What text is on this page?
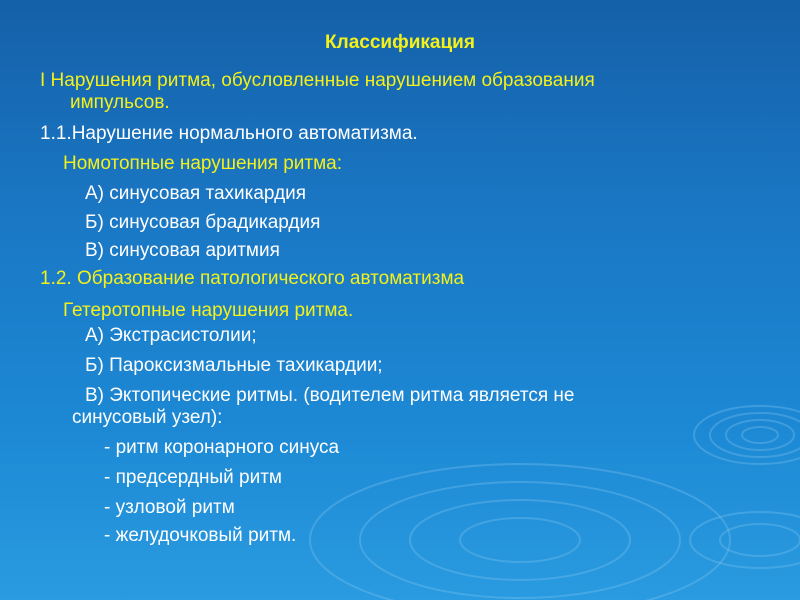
Классификация
I Нарушения ритма, обусловленные нарушением образования
импульсов.
1.1.Нарушение нормального автоматизма.
Номотопные нарушения ритма:
А) синусовая тахикардия
Б) синусовая брадикардия
В) синусовая аритмия
1.2. Образование патологического автоматизма
Гетеротопные нарушения ритма.
А) Экстрасистолии;
Б) Пароксизмальные тахикардии;
В) Эктопические ритмы. (водителем ритма является не
синусовый узел):
- ритм коронарного синуса
- предсердный ритм
- узловой ритм
- желудочковый ритм.
